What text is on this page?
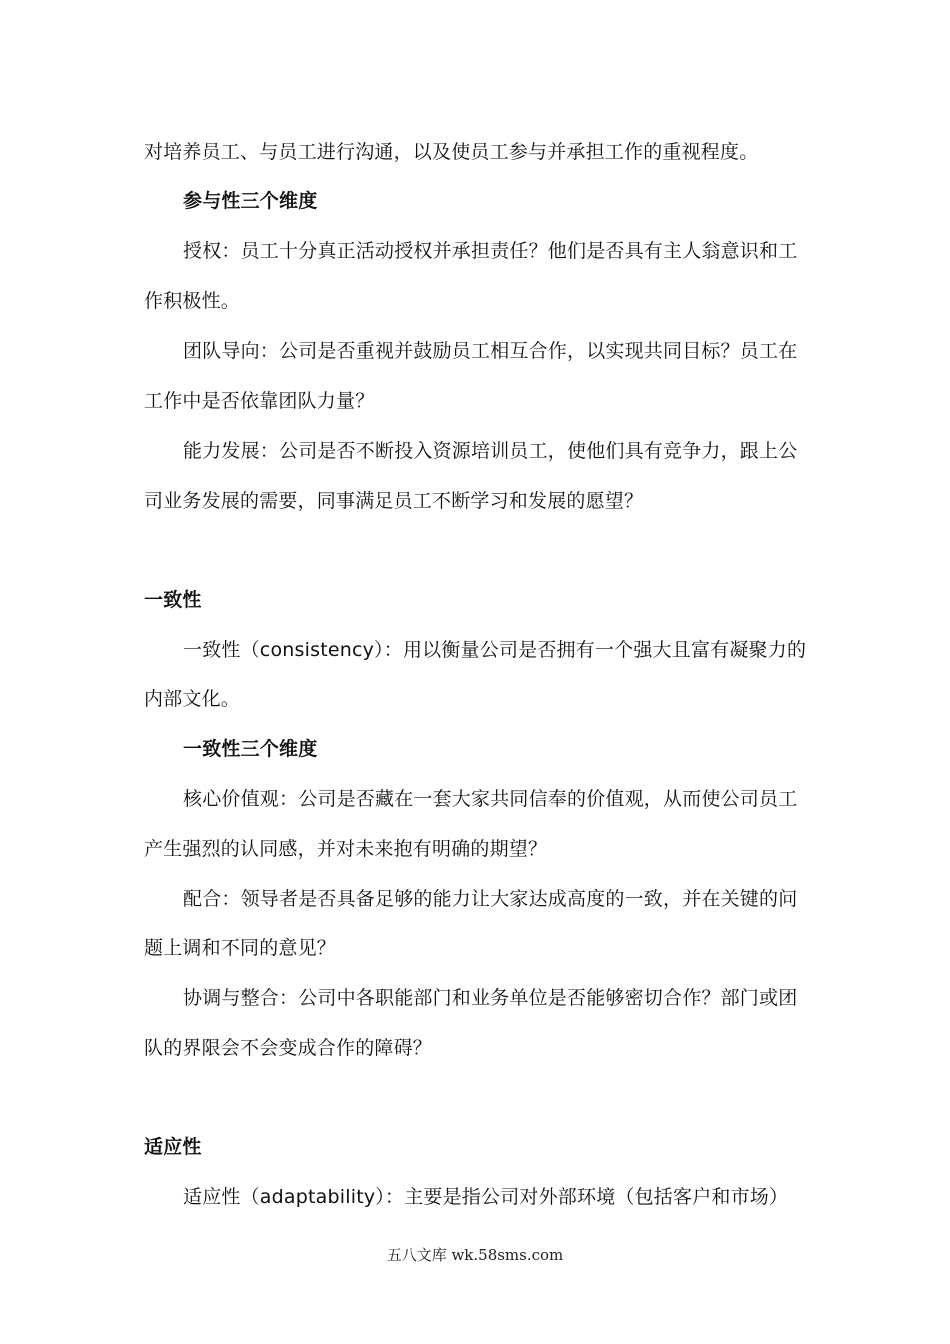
对培养员工、与员工进行沟通，以及使员工参与并承担工作的重视程度。
参与性三个维度
授权：员工十分真正活动授权并承担责任？他们是否具有主人翁意识和工
作积极性。
团队导向：公司是否重视并鼓励员工相互合作，以实现共同目标？员工在
工作中是否依靠团队力量？
能力发展：公司是否不断投入资源培训员工，使他们具有竞争力，跟上公
司业务发展的需要，同事满足员工不断学习和发展的愿望？
一致性
一致性（consistency）：用以衡量公司是否拥有一个强大且富有凝聚力的
内部文化。
一致性三个维度
核心价值观：公司是否藏在一套大家共同信奉的价值观，从而使公司员工
产生强烈的认同感，并对未来抱有明确的期望？
配合：领导者是否具备足够的能力让大家达成高度的一致，并在关键的问
题上调和不同的意见？
协调与整合：公司中各职能部门和业务单位是否能够密切合作？部门或团
队的界限会不会变成合作的障碍？
适应性
适应性（adaptability）：主要是指公司对外部环境（包括客户和市场）
五八文库 wk.58sms.com
